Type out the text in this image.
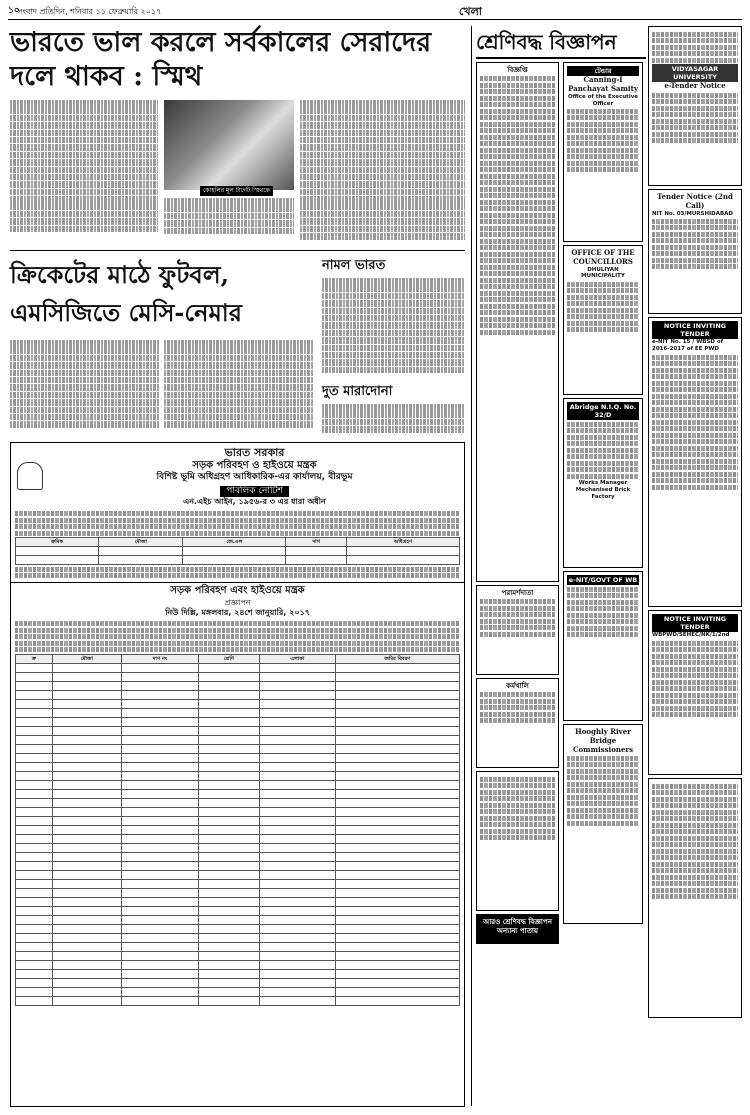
১০
সংবাদ প্রতিদিন, শনিবার ১১ ফেব্রুয়ারি ২০১৭	খেলা
ভারতে ভাল করলে সর্বকালের সেরাদের দলে থাকব : স্মিথ
কোহলির মূল টার্গেট স্মিথকে
ক্রিকেটের মাঠে ফুটবল, এমসিজিতে মেসি-নেমার
নামল ভারত
দুত মারাদোনা
ভারত সরকার
সড়ক পরিবহণ ও হাইওয়ে মন্ত্রক
বিশিষ্ট ভূমি অধিগ্রহণ আধিকারিক-এর কার্যালয়, বীরভূম
পাবলিক নোটিশ
এন.এইচ আইন, ১৯৫৬-র ৩ এর ধারা অধীন
ক্রমিক	মৌজা	জে.এল	দাগ	অধিগ্রহণ

সড়ক পরিবহণ এবং হাইওয়ে মন্ত্রক
প্রজ্ঞাপন
নিউ দিল্লি, মঙ্গলবার, ২৪শে জানুয়ারি, ২০১৭
ক্র	মৌজা	দাগ নং	শ্রেণি	এলাকা	জমির বিবরণ

শ্রেণিবদ্ধ বিজ্ঞাপন
টেন্ডার
Canning-I Panchayat Samity
Office of the Executive Officer
OFFICE OF THE COUNCILLORS
DHULIYAN MUNICIPALITY
Abridge N.I.Q. No. 32/D
Works Manager Mechanised Brick Factory
e-NIT/GOVT OF WB
Hooghly River Bridge Commissioners
বিজ্ঞপ্তি
পরামর্শদাতা
কর্মখালি
আরও শ্রেণিবদ্ধ বিজ্ঞাপন অন্যান্য পাতায়
VIDYASAGAR UNIVERSITY
e-Tender Notice
Tender Notice (2nd Call)
NIT No. 03/MURSHIDABAD
NOTICE INVITING TENDER
e-NIT No. 15 / WBSD of 2016-2017 of EE PWD
NOTICE INVITING TENDER
WBPWD/SEHEC/NK/1/2nd
